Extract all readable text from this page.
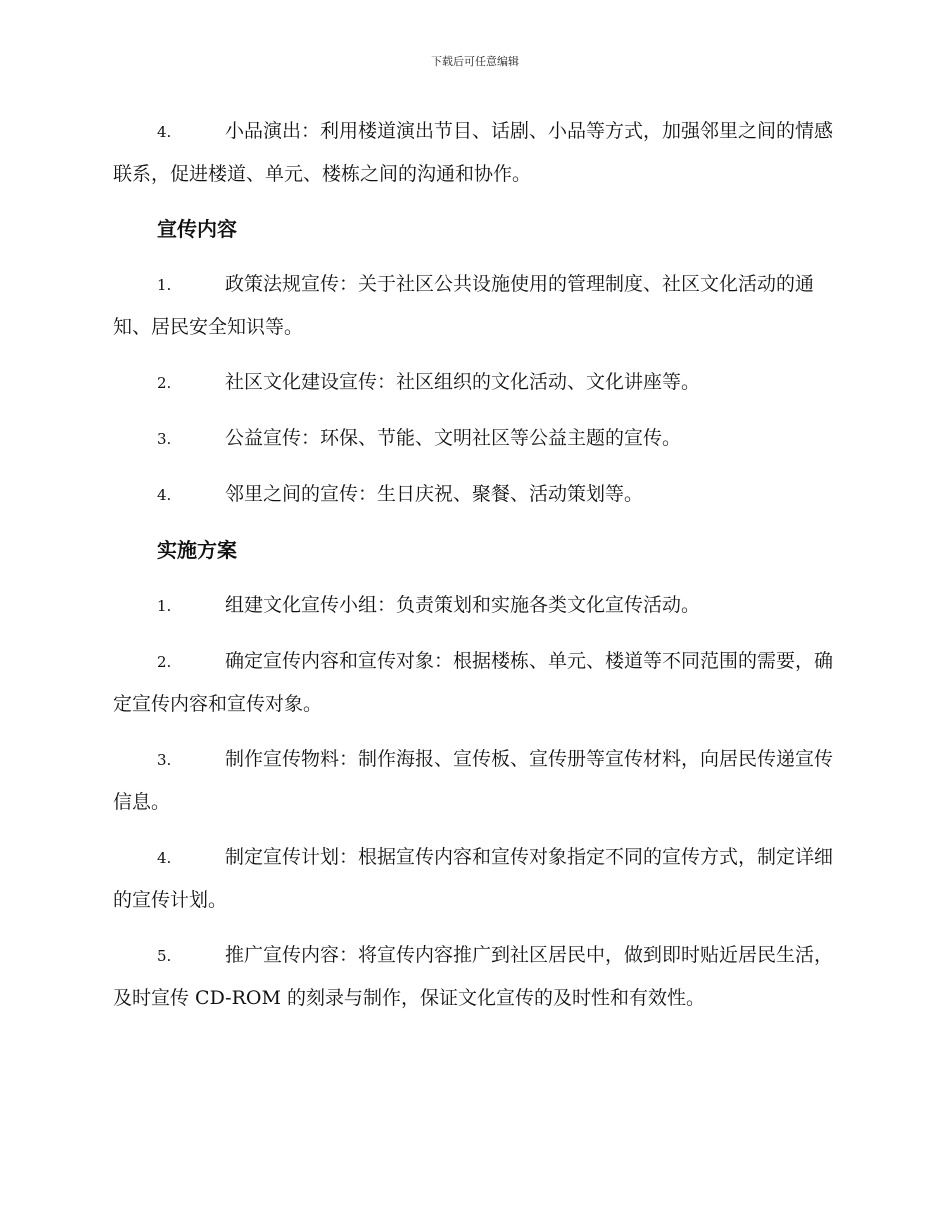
下载后可任意编辑
4.	小品演出：利用楼道演出节目、话剧、小品等方式，加强邻里之间的情感联系，促进楼道、单元、楼栋之间的沟通和协作。
宣传内容
1.	政策法规宣传：关于社区公共设施使用的管理制度、社区文化活动的通知、居民安全知识等。
2.	社区文化建设宣传：社区组织的文化活动、文化讲座等。
3.	公益宣传：环保、节能、文明社区等公益主题的宣传。
4.	邻里之间的宣传：生日庆祝、聚餐、活动策划等。
实施方案
1.	组建文化宣传小组：负责策划和实施各类文化宣传活动。
2.	确定宣传内容和宣传对象：根据楼栋、单元、楼道等不同范围的需要，确定宣传内容和宣传对象。
3.	制作宣传物料：制作海报、宣传板、宣传册等宣传材料，向居民传递宣传信息。
4.	制定宣传计划：根据宣传内容和宣传对象指定不同的宣传方式，制定详细的宣传计划。
5.	推广宣传内容：将宣传内容推广到社区居民中，做到即时贴近居民生活，及时宣传 CD-ROM 的刻录与制作，保证文化宣传的及时性和有效性。
